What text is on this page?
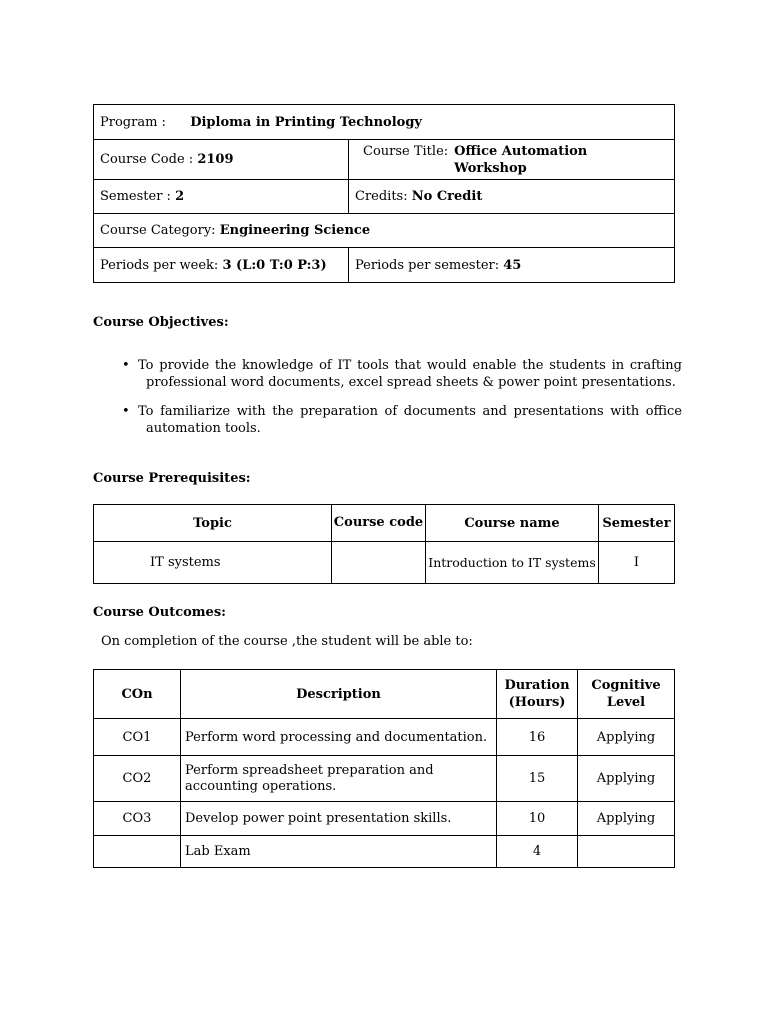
Program : Diploma in Printing Technology	
Course Code : 2109	Course Title: Office Automation
Workshop

Semester : 2	Credits: No Credit
Course Category: Engineering Science	
Periods per week: 3 (L:0 T:0 P:3)	Periods per semester: 45
Course Objectives:
• To provide the knowledge of IT tools that would enable the students in crafting
professional word documents, excel spread sheets & power point presentations.
• To familiarize with the preparation of documents and presentations with office
automation tools.
Course Prerequisites:
Topic	Course code	Course name	Semester
IT systems		Introduction to IT systems	I
Course Outcomes:
On completion of the course ,the student will be able to:
COn	Description	Duration (Hours)	Cognitive Level
CO1	Perform word processing and documentation.	16	Applying
CO2	Perform spreadsheet preparation and accounting operations.	15	Applying
CO3	Develop power point presentation skills.	10	Applying
	Lab Exam	4	
